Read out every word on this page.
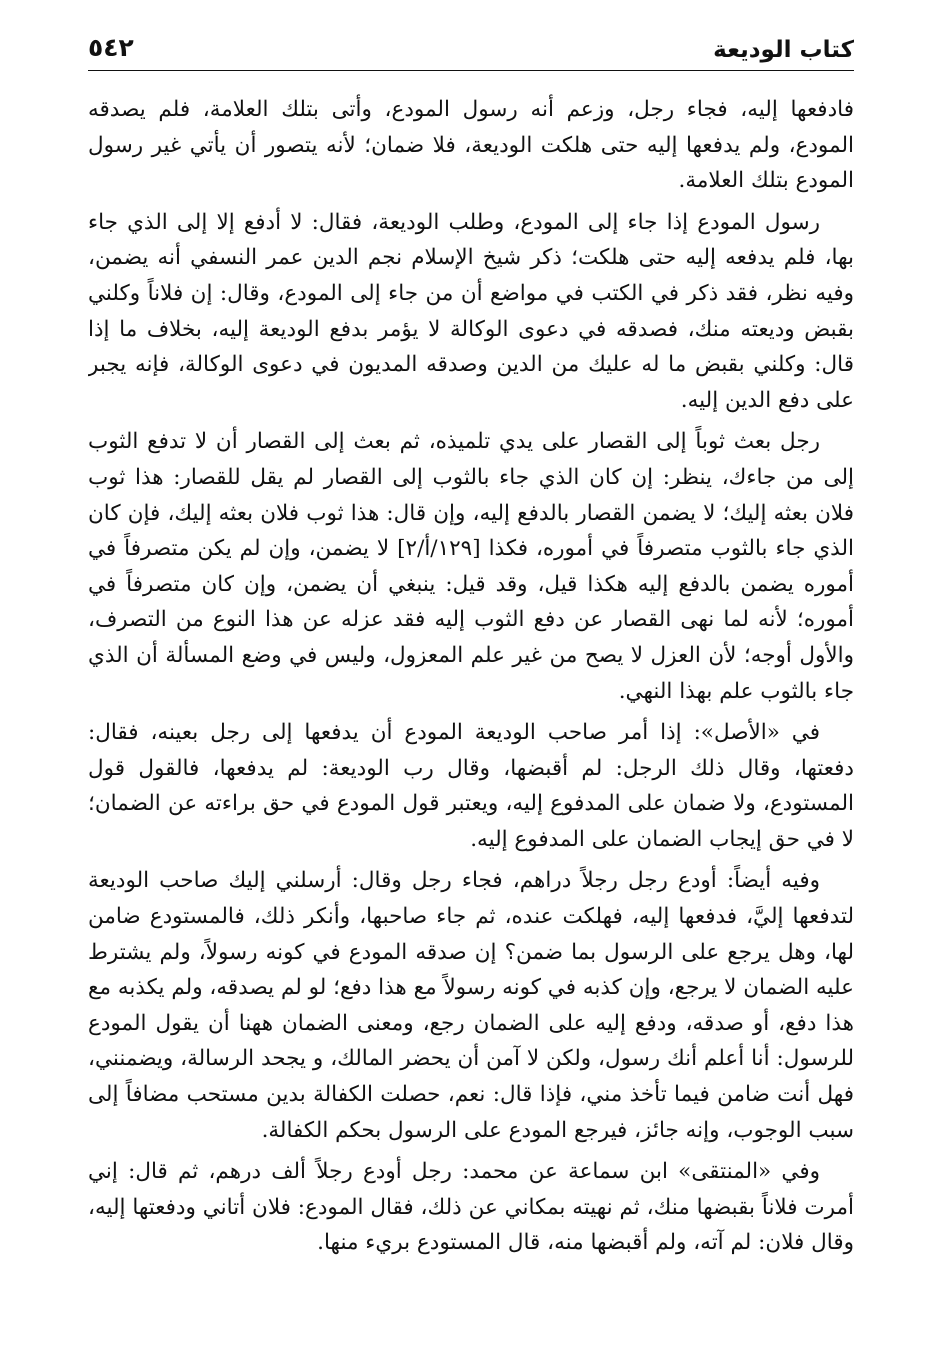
كتاب الوديعة
٥٤٢

فادفعها إليه، فجاء رجل، وزعم أنه رسول المودع، وأتى بتلك العلامة، فلم يصدقه المودع، ولم يدفعها إليه حتى هلكت الوديعة، فلا ضمان؛ لأنه يتصور أن يأتي غير رسول المودع بتلك العلامة.

رسول المودع إذا جاء إلى المودع، وطلب الوديعة، فقال: لا أدفع إلا إلى الذي جاء بها، فلم يدفعه إليه حتى هلكت؛ ذكر شيخ الإسلام نجم الدين عمر النسفي أنه يضمن، وفيه نظر، فقد ذكر في الكتب في مواضع أن من جاء إلى المودع، وقال: إن فلاناً وكلني بقبض وديعته منك، فصدقه في دعوى الوكالة لا يؤمر بدفع الوديعة إليه، بخلاف ما إذا قال: وكلني بقبض ما له عليك من الدين وصدقه المديون في دعوى الوكالة، فإنه يجبر على دفع الدين إليه.

رجل بعث ثوباً إلى القصار على يدي تلميذه، ثم بعث إلى القصار أن لا تدفع الثوب إلى من جاءك، ينظر: إن كان الذي جاء بالثوب إلى القصار لم يقل للقصار: هذا ثوب فلان بعثه إليك؛ لا يضمن القصار بالدفع إليه، وإن قال: هذا ثوب فلان بعثه إليك، فإن كان الذي جاء بالثوب متصرفاً في أموره، فكذا [١٢٩/أ/٢] لا يضمن، وإن لم يكن متصرفاً في أموره يضمن بالدفع إليه هكذا قيل، وقد قيل: ينبغي أن يضمن، وإن كان متصرفاً في أموره؛ لأنه لما نهى القصار عن دفع الثوب إليه فقد عزله عن هذا النوع من التصرف، والأول أوجه؛ لأن العزل لا يصح من غير علم المعزول، وليس في وضع المسألة أن الذي جاء بالثوب علم بهذا النهي.

في «الأصل»: إذا أمر صاحب الوديعة المودع أن يدفعها إلى رجل بعينه، فقال: دفعتها، وقال ذلك الرجل: لم أقبضها، وقال رب الوديعة: لم يدفعها، فالقول قول المستودع، ولا ضمان على المدفوع إليه، ويعتبر قول المودع في حق براءته عن الضمان؛ لا في حق إيجاب الضمان على المدفوع إليه.

وفيه أيضاً: أودع رجل رجلاً دراهم، فجاء رجل وقال: أرسلني إليك صاحب الوديعة لتدفعها إليَّ، فدفعها إليه، فهلكت عنده، ثم جاء صاحبها، وأنكر ذلك، فالمستودع ضامن لها، وهل يرجع على الرسول بما ضمن؟ إن صدقه المودع في كونه رسولاً، ولم يشترط عليه الضمان لا يرجع، وإن كذبه في كونه رسولاً مع هذا دفع؛ لو لم يصدقه، ولم يكذبه مع هذا دفع، أو صدقه، ودفع إليه على الضمان رجع، ومعنى الضمان ههنا أن يقول المودع للرسول: أنا أعلم أنك رسول، ولكن لا آمن أن يحضر المالك، و يجحد الرسالة، ويضمنني، فهل أنت ضامن فيما تأخذ مني، فإذا قال: نعم، حصلت الكفالة بدين مستحب مضافاً إلى سبب الوجوب، وإنه جائز، فيرجع المودع على الرسول بحكم الكفالة.

وفي «المنتقى» ابن سماعة عن محمد: رجل أودع رجلاً ألف درهم، ثم قال: إني أمرت فلاناً بقبضها منك، ثم نهيته بمكاني عن ذلك، فقال المودع: فلان أتاني ودفعتها إليه، وقال فلان: لم آته، ولم أقبضها منه، قال المستودع بريء منها.
